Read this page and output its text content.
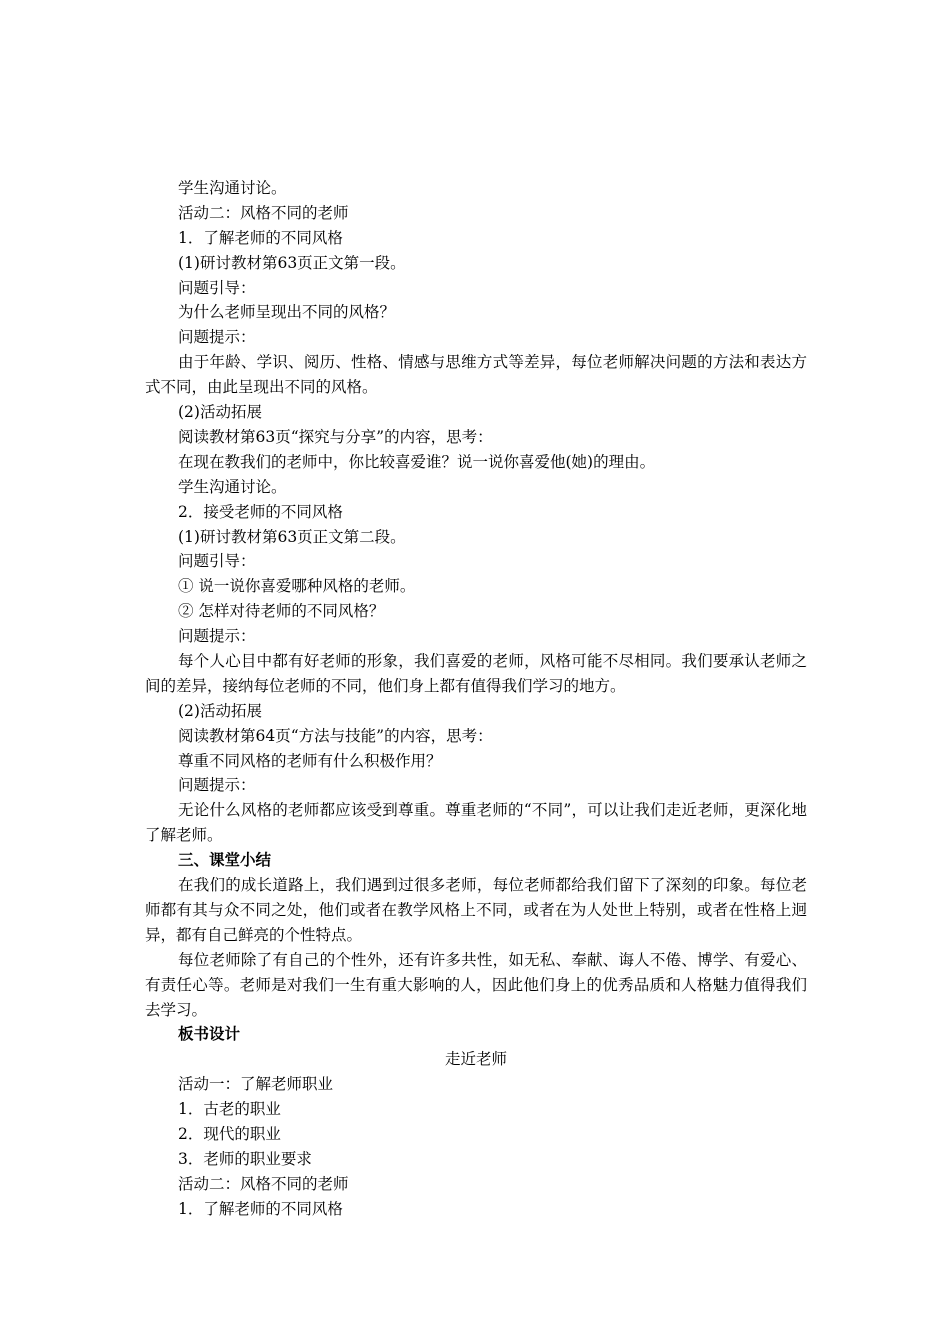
学生沟通讨论。
活动二：风格不同的老师
1．了解老师的不同风格
(1)研讨教材第63页正文第一段。
问题引导：
为什么老师呈现出不同的风格？
问题提示：
由于年龄、学识、阅历、性格、情感与思维方式等差异，每位老师解决问题的方法和表达方式不同，由此呈现出不同的风格。
(2)活动拓展
阅读教材第63页“探究与分享”的内容，思考：
在现在教我们的老师中，你比较喜爱谁？说一说你喜爱他(她)的理由。
学生沟通讨论。
2．接受老师的不同风格
(1)研讨教材第63页正文第二段。
问题引导：
① 说一说你喜爱哪种风格的老师。
② 怎样对待老师的不同风格？
问题提示：
每个人心目中都有好老师的形象，我们喜爱的老师，风格可能不尽相同。我们要承认老师之间的差异，接纳每位老师的不同，他们身上都有值得我们学习的地方。
(2)活动拓展
阅读教材第64页“方法与技能”的内容，思考：
尊重不同风格的老师有什么积极作用？
问题提示：
无论什么风格的老师都应该受到尊重。尊重老师的“不同”，可以让我们走近老师，更深化地了解老师。
三、课堂小结
在我们的成长道路上，我们遇到过很多老师，每位老师都给我们留下了深刻的印象。每位老师都有其与众不同之处，他们或者在教学风格上不同，或者在为人处世上特别，或者在性格上迥异，都有自己鲜亮的个性特点。
每位老师除了有自己的个性外，还有许多共性，如无私、奉献、诲人不倦、博学、有爱心、有责任心等。老师是对我们一生有重大影响的人，因此他们身上的优秀品质和人格魅力值得我们去学习。
板书设计
走近老师
活动一：了解老师职业
1．古老的职业
2．现代的职业
3．老师的职业要求
活动二：风格不同的老师
1．了解老师的不同风格
